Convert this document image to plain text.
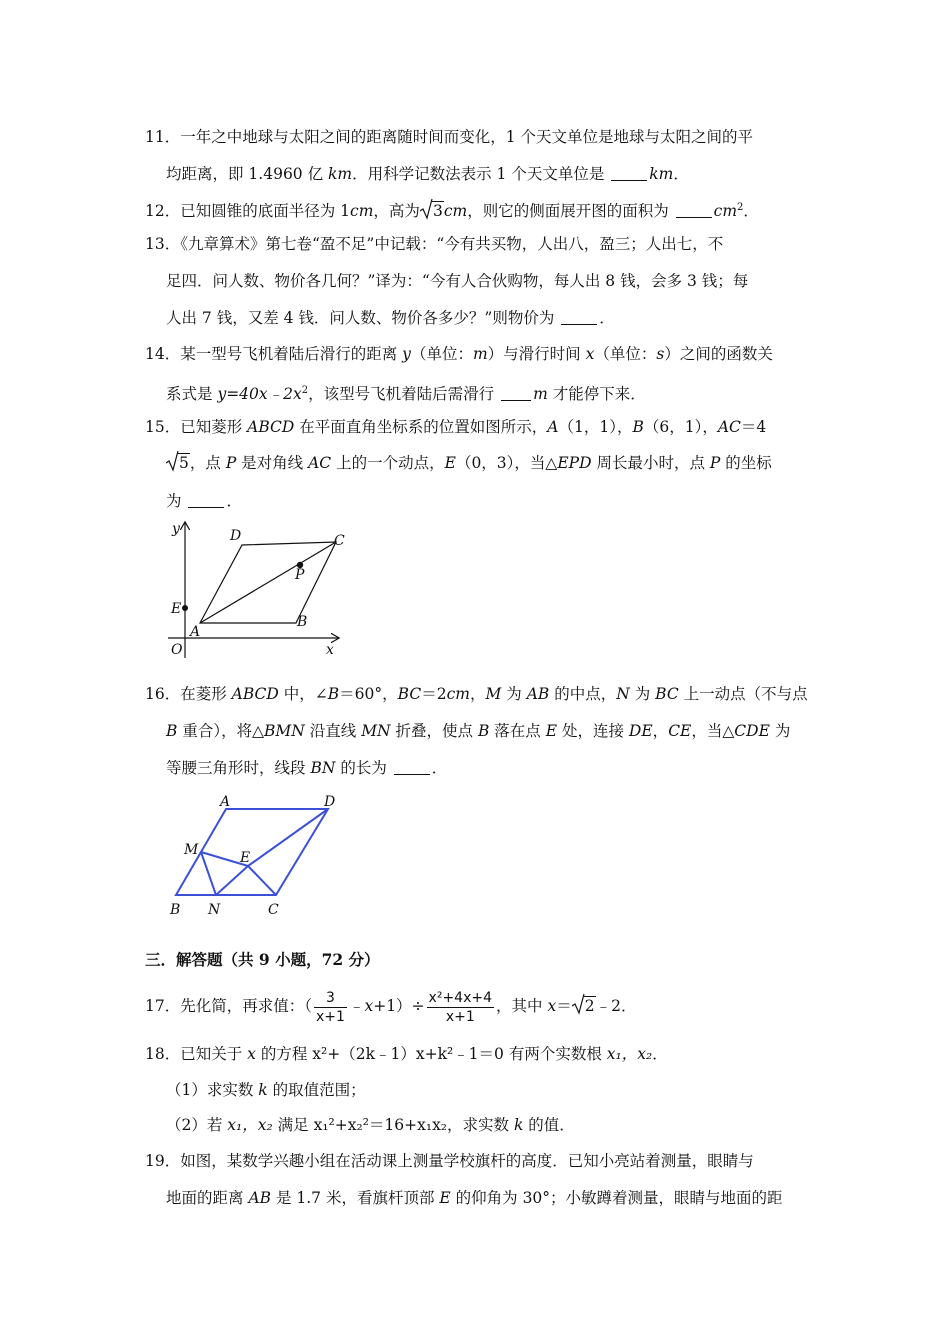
11．一年之中地球与太阳之间的距离随时间而变化，1 个天文单位是地球与太阳之间的平
均距离，即 1.4960 亿 km．用科学记数法表示 1 个天文单位是	km．
12．已知圆锥的底面半径为 1cm，高为 3cm，则它的侧面展开图的面积为	$cm^2$．
13．《九章算术》第七卷“盈不足”中记载：“今有共买物，人出八，盈三；人出七，不
足四．问人数、物价各几何？”译为：“今有人合伙购物，每人出 8 钱，会多 3 钱；每
人出 7 钱，又差 4 钱．问人数、物价各多少？”则物价为	．
14．某一型号飞机着陆后滑行的距离 y（单位：m）与滑行时间 x（单位：s）之间的函数关
系式是 $y=40x﹣2x^2$，该型号飞机着陆后需滑行 m 才能停下来．
15．已知菱形 ABCD 在平面直角坐标系的位置如图所示，A（1，1），B（6，1），AC＝4
5，点 P 是对角线 AC 上的一个动点，E（0，3），当△EPD 周长最小时，点 P 的坐标
为	．
y
x
O
A
B
C
D
E
P
16．在菱形 ABCD 中，∠B＝60°，BC＝2cm，M 为 AB 的中点，N 为 BC 上一动点（不与点
B 重合），将△BMN 沿直线 MN 折叠，使点 B 落在点 E 处，连接 DE，CE，当△CDE 为
等腰三角形时，线段 BN 的长为	．
A	D
M	E
B N	C
三．解答题（共 9 小题，72 分）
17．先化简，再求值：（ $\frac{3}{x+1}$ ﹣x+1）÷ $\frac{\text{x²+4x+4}}{x+1}$ ，其中 x＝ 2﹣2．
18．已知关于 x 的方程 x²+（2k﹣1）x+k²﹣1＝0 有两个实数根 x₁，x₂．
（1）求实数 k 的取值范围；
（2）若 x₁，x₂ 满足 x₁²+x₂²＝16+x₁x₂，求实数 k 的值．
19．如图，某数学兴趣小组在活动课上测量学校旗杆的高度．已知小亮站着测量，眼睛与
地面的距离 AB 是 1.7 米，看旗杆顶部 E 的仰角为 30°；小敏蹲着测量，眼睛与地面的距
